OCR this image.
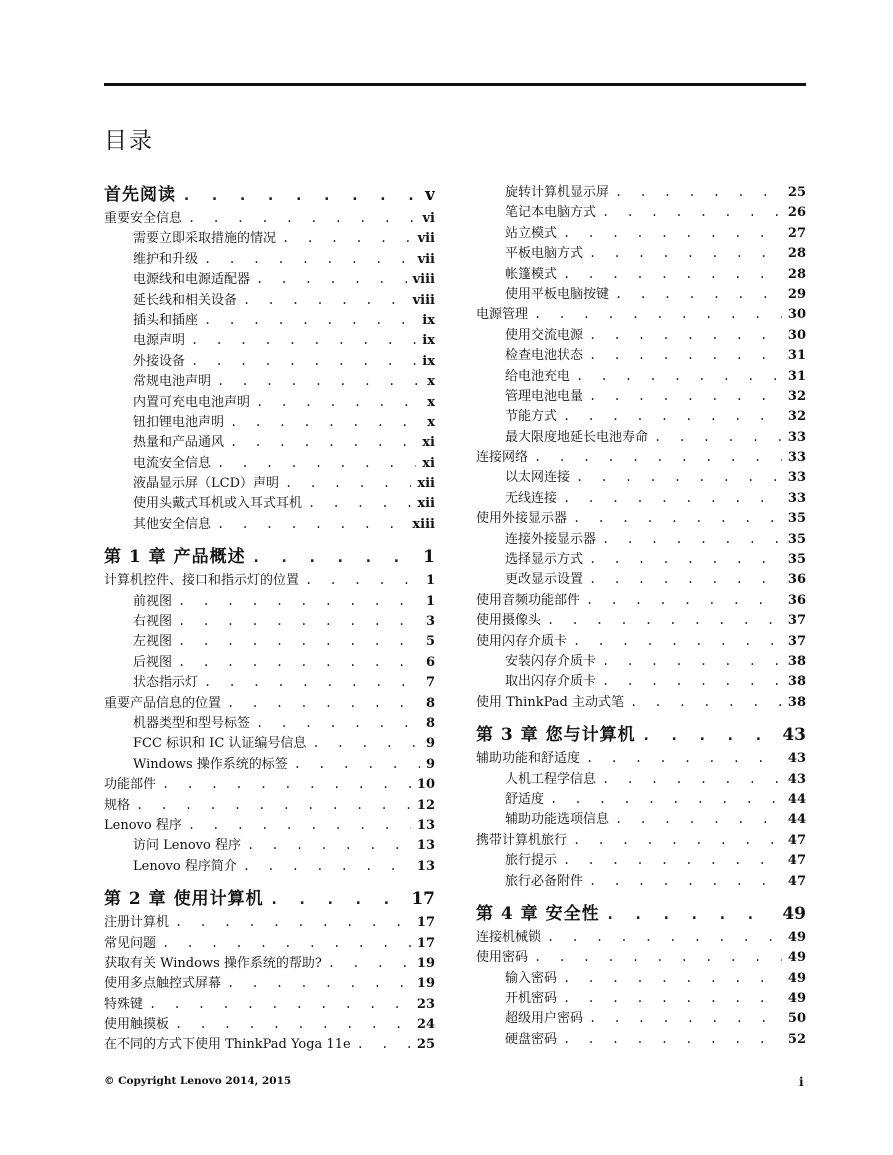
目录
首先阅读 . . .	v
重要安全信息 . . .	vi
需要立即采取措施的情况 . . .	vii
维护和升级 . . .	vii
电源线和电源适配器 . . .	viii
延长线和相关设备 . . .	viii
插头和插座 . . .	ix
电源声明 . . .	ix
外接设备 . . .	ix
常规电池声明 . . .	x
内置可充电电池声明 . . .	x
钮扣锂电池声明 . . .	x
热量和产品通风 . . .	xi
电流安全信息 . . .	xi
液晶显示屏（LCD）声明 . . .	xii
使用头戴式耳机或入耳式耳机 . . .	xii
其他安全信息 . . .	xiii
第 1 章 产品概述 . . .	1
计算机控件、接口和指示灯的位置 . . .	1
前视图 . . .	1
右视图 . . .	3
左视图 . . .	5
后视图 . . .	6
状态指示灯 . . .	7
重要产品信息的位置 . . .	8
机器类型和型号标签 . . .	8
FCC 标识和 IC 认证编号信息 . . .	9
Windows 操作系统的标签 . . .	9
功能部件 . . .	10
规格 . . .	12
Lenovo 程序 . . .	13
访问 Lenovo 程序 . . .	13
Lenovo 程序简介 . . .	13
第 2 章 使用计算机 . . .	17
注册计算机 . . .	17
常见问题 . . .	17
获取有关 Windows 操作系统的帮助? . . .	19
使用多点触控式屏幕 . . .	19
特殊键 . . .	23
使用触摸板 . . .	24
在不同的方式下使用 ThinkPad Yoga 11e . . .	25
旋转计算机显示屏 . . .	25
笔记本电脑方式 . . .	26
站立模式 . . .	27
平板电脑方式 . . .	28
帐篷模式 . . .	28
使用平板电脑按键 . . .	29
电源管理 . . .	30
使用交流电源 . . .	30
检查电池状态 . . .	31
给电池充电 . . .	31
管理电池电量 . . .	32
节能方式 . . .	32
最大限度地延长电池寿命 . . .	33
连接网络 . . .	33
以太网连接 . . .	33
无线连接 . . .	33
使用外接显示器 . . .	35
连接外接显示器 . . .	35
选择显示方式 . . .	35
更改显示设置 . . .	36
使用音频功能部件 . . .	36
使用摄像头 . . .	37
使用闪存介质卡 . . .	37
安装闪存介质卡 . . .	38
取出闪存介质卡 . . .	38
使用 ThinkPad 主动式笔 . . .	38
第 3 章 您与计算机 . . .	43
辅助功能和舒适度 . . .	43
人机工程学信息 . . .	43
舒适度 . . .	44
辅助功能选项信息 . . .	44
携带计算机旅行 . . .	47
旅行提示 . . .	47
旅行必备附件 . . .	47
第 4 章 安全性 . . .	49
连接机械锁 . . .	49
使用密码 . . .	49
输入密码 . . .	49
开机密码 . . .	49
超级用户密码 . . .	50
硬盘密码 . . .	52
© Copyright Lenovo 2014, 2015	i
